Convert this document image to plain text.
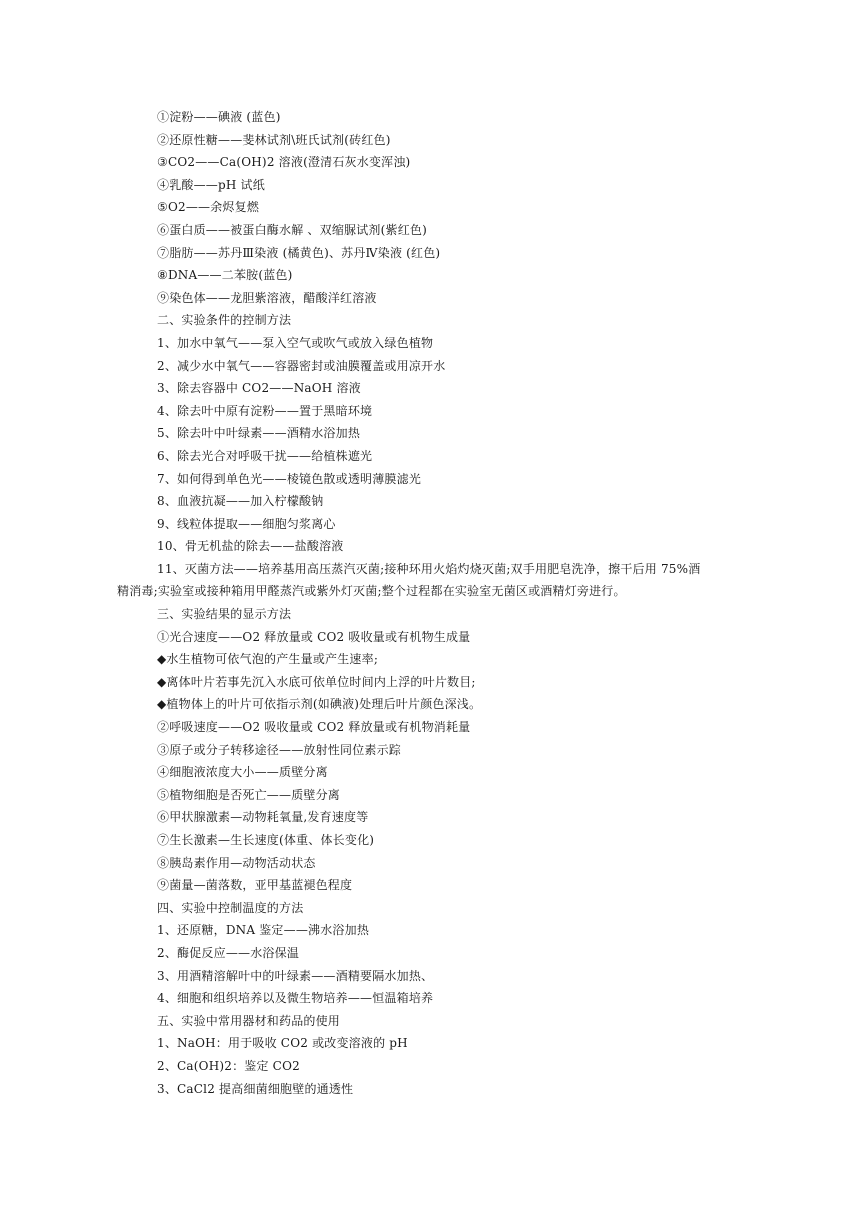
①淀粉——碘液 (蓝色)
②还原性糖——斐林试剂\班氏试剂(砖红色)
③CO2——Ca(OH)2 溶液(澄清石灰水变浑浊)
④乳酸——pH 试纸
⑤O2——余烬复燃
⑥蛋白质——被蛋白酶水解 、双缩脲试剂(紫红色)
⑦脂肪——苏丹Ⅲ染液 (橘黄色)、苏丹Ⅳ染液 (红色)
⑧DNA——二苯胺(蓝色)
⑨染色体——龙胆紫溶液，醋酸洋红溶液
二、实验条件的控制方法
1、加水中氧气——泵入空气或吹气或放入绿色植物
2、减少水中氧气——容器密封或油膜覆盖或用凉开水
3、除去容器中 CO2——NaOH 溶液
4、除去叶中原有淀粉——置于黑暗环境
5、除去叶中叶绿素——酒精水浴加热
6、除去光合对呼吸干扰——给植株遮光
7、如何得到单色光——棱镜色散或透明薄膜滤光
8、血液抗凝——加入柠檬酸钠
9、线粒体提取——细胞匀浆离心
10、骨无机盐的除去——盐酸溶液
11、灭菌方法——培养基用高压蒸汽灭菌;接种环用火焰灼烧灭菌;双手用肥皂洗净，擦干后用 75%酒
精消毒;实验室或接种箱用甲醛蒸汽或紫外灯灭菌;整个过程都在实验室无菌区或酒精灯旁进行。
三、实验结果的显示方法
①光合速度——O2 释放量或 CO2 吸收量或有机物生成量
◆水生植物可依气泡的产生量或产生速率;
◆离体叶片若事先沉入水底可依单位时间内上浮的叶片数目;
◆植物体上的叶片可依指示剂(如碘液)处理后叶片颜色深浅。
②呼吸速度——O2 吸收量或 CO2 释放量或有机物消耗量
③原子或分子转移途径——放射性同位素示踪
④细胞液浓度大小——质壁分离
⑤植物细胞是否死亡——质壁分离
⑥甲状腺激素—动物耗氧量,发育速度等
⑦生长激素—生长速度(体重、体长变化)
⑧胰岛素作用—动物活动状态
⑨菌量—菌落数，亚甲基蓝褪色程度
四、实验中控制温度的方法
1、还原糖，DNA 鉴定——沸水浴加热
2、酶促反应——水浴保温
3、用酒精溶解叶中的叶绿素——酒精要隔水加热、
4、细胞和组织培养以及微生物培养——恒温箱培养
五、实验中常用器材和药品的使用
1、NaOH：用于吸收 CO2 或改变溶液的 pH
2、Ca(OH)2：鉴定 CO2
3、CaCl2 提高细菌细胞壁的通透性
